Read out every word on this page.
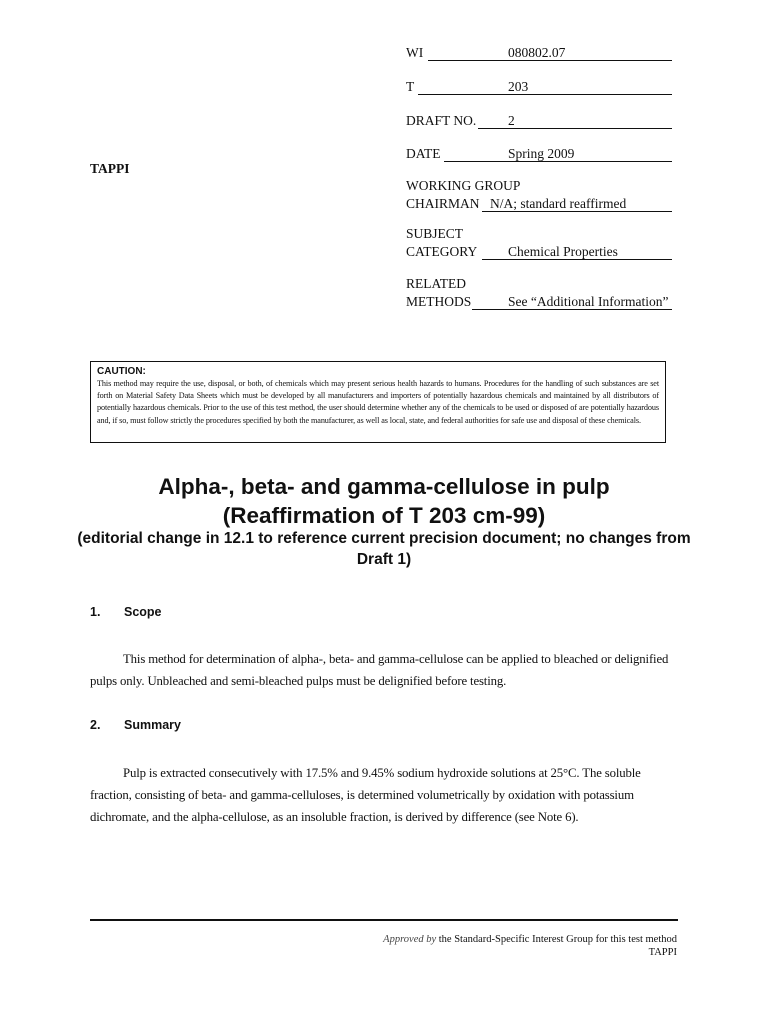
WI	080802.07
T	203
DRAFT NO. 2
DATE	Spring 2009
TAPPI
WORKING GROUP
CHAIRMAN N/A; standard reaffirmed
SUBJECT
CATEGORY Chemical Properties
RELATED
METHODS	See “Additional Information”
CAUTION:
This method may require the use, disposal, or both, of chemicals which may present serious health hazards to humans. Procedures for the handling of such substances are set forth on Material Safety Data Sheets which must be developed by all manufacturers and importers of potentially hazardous chemicals and maintained by all distributors of potentially hazardous chemicals. Prior to the use of this test method, the user should determine whether any of the chemicals to be used or disposed of are potentially hazardous and, if so, must follow strictly the procedures specified by both the manufacturer, as well as local, state, and federal authorities for safe use and disposal of these chemicals.
Alpha-, beta- and gamma-cellulose in pulp
(Reaffirmation of T 203 cm-99)
(editorial change in 12.1 to reference current precision document; no changes from Draft 1)
1. Scope
This method for determination of alpha-, beta- and gamma-cellulose can be applied to bleached or delignified pulps only. Unbleached and semi-bleached pulps must be delignified before testing.
2. Summary
Pulp is extracted consecutively with 17.5% and 9.45% sodium hydroxide solutions at 25°C. The soluble fraction, consisting of beta- and gamma-celluloses, is determined volumetrically by oxidation with potassium dichromate, and the alpha-cellulose, as an insoluble fraction, is derived by difference (see Note 6).
Approved by the Standard-Specific Interest Group for this test method
TAPPI
